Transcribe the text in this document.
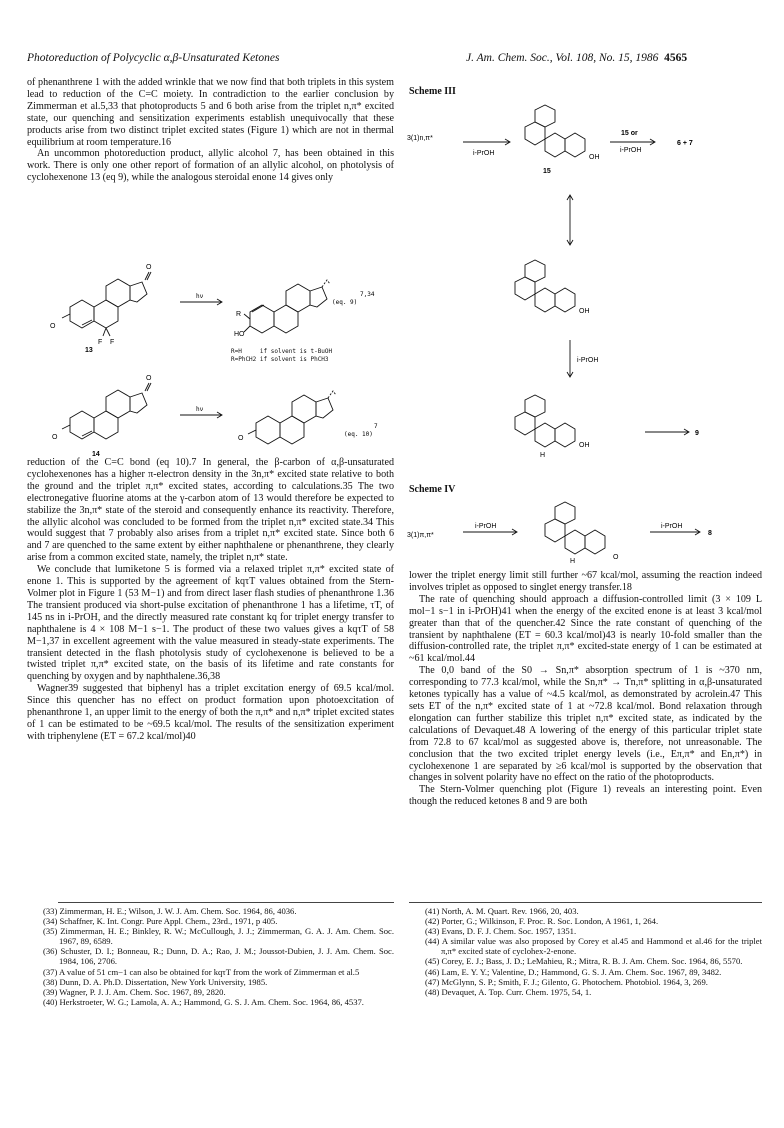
Photoreduction of Polycyclic α,β-Unsaturated Ketones	J. Am. Chem. Soc., Vol. 108, No. 15, 1986 4565

of phenanthrene 1 with the added wrinkle that we now find that both triplets in this system lead to reduction of the C=C moiety. In contradiction to the earlier conclusion by Zimmerman et al.5,33 that photoproducts 5 and 6 both arise from the triplet n,π* excited state, our quenching and sensitization experiments establish unequivocally that these products arise from two distinct triplet excited states (Figure 1) which are not in thermal equilibrium at room temperature.16

An uncommon photoreduction product, allylic alcohol 7, has been obtained in this work. There is only one other report of formation of an allylic alcohol, on photolysis of cyclohexenone 13 (eq 9), while the analogous steroidal enone 14 gives only

O
O
F F
13
hν
R
HO
(eq. 9)
7,34
R=H     if solvent is t-BuOH
R=PhCH2 if solvent is PhCH3
O
O
O
14
hν
(eq. 10)
7

reduction of the C=C bond (eq 10).7 In general, the β-carbon of α,β-unsaturated cyclohexenones has a higher π-electron density in the 3n,π* excited state relative to both the ground and the triplet π,π* excited states, according to calculations.35 The two electronegative fluorine atoms at the γ-carbon atom of 13 would therefore be expected to stabilize the 3n,π* state of the steroid and consequently enhance its reactivity. Therefore, the allylic alcohol was concluded to be formed from the triplet n,π* excited state.34 This would suggest that 7 probably also arises from a triplet n,π* excited state. Since both 6 and 7 are quenched to the same extent by either naphthalene or phenanthrene, they clearly arise from a common excited state, namely, the triplet n,π* state.

We conclude that lumiketone 5 is formed via a relaxed triplet π,π* excited state of enone 1. This is supported by the agreement of kqτT values obtained from the Stern-Volmer plot in Figure 1 (53 M−1) and from direct laser flash studies of phenanthrone 1.36 The transient produced via short-pulse excitation of phenanthrone 1 has a lifetime, τT, of 145 ns in i-PrOH, and the directly measured rate constant kq for triplet energy transfer to naphthalene is 4 × 108 M−1 s−1. The product of these two values gives a kqτT of 58 M−1,37 in excellent agreement with the value measured in steady-state experiments. The transient detected in the flash photolysis study of cyclohexenone is believed to be a twisted triplet π,π* excited state, on the basis of its lifetime and rate constants for quenching by oxygen and by naphthalene.36,38

Wagner39 suggested that biphenyl has a triplet excitation energy of 69.5 kcal/mol. Since this quencher has no effect on product formation upon photoexcitation of phenanthrone 1, an upper limit to the energy of both the π,π* and n,π* triplet excited states of 1 can be estimated to be ~69.5 kcal/mol. The results of the sensitization experiment with triphenylene (ET = 67.2 kcal/mol)40

Scheme III
3(1)n,π*
i-PrOH
15
OH
15 or
i-PrOH
6 + 7
OH
i-PrOH
OH
H
9
Scheme IV
3(1)π,π*
i-PrOH
O
H
i-PrOH
8

lower the triplet energy limit still further ~67 kcal/mol, assuming the reaction indeed involves triplet as opposed to singlet energy transfer.18

The rate of quenching should approach a diffusion-controlled limit (3 × 109 L mol−1 s−1 in i-PrOH)41 when the energy of the excited enone is at least 3 kcal/mol greater than that of the quencher.42 Since the rate constant of quenching of the transient by naphthalene (ET = 60.3 kcal/mol)43 is nearly 10-fold smaller than the diffusion-controlled rate, the triplet π,π* excited-state energy of 1 can be estimated at ~61 kcal/mol.44

The 0,0 band of the S0 → Sn,π* absorption spectrum of 1 is ~370 nm, corresponding to 77.3 kcal/mol, while the Sn,π* → Tn,π* splitting in α,β-unsaturated ketones typically has a value of ~4.5 kcal/mol, as demonstrated by acrolein.47 This sets ET of the n,π* excited state of 1 at ~72.8 kcal/mol. Bond relaxation through elongation can further stabilize this triplet n,π* excited state, as indicated by the calculations of Devaquet.48 A lowering of the energy of this particular triplet state from 72.8 to 67 kcal/mol as suggested above is, therefore, not unreasonable. The conclusion that the two excited triplet energy levels (i.e., Eπ,π* and En,π*) in cyclohexenone 1 are separated by ≥6 kcal/mol is supported by the observation that changes in solvent polarity have no effect on the ratio of the photoproducts.

The Stern-Volmer quenching plot (Figure 1) reveals an interesting point. Even though the reduced ketones 8 and 9 are both

(33) Zimmerman, H. E.; Wilson, J. W. J. Am. Chem. Soc. 1964, 86, 4036.
(34) Schaffner, K. Int. Congr. Pure Appl. Chem., 23rd., 1971, p 405.
(35) Zimmerman, H. E.; Binkley, R. W.; McCullough, J. J.; Zimmerman, G. A. J. Am. Chem. Soc. 1967, 89, 6589.
(36) Schuster, D. I.; Bonneau, R.; Dunn, D. A.; Rao, J. M.; Joussot-Dubien, J. J. Am. Chem. Soc. 1984, 106, 2706.
(37) A value of 51 cm−1 can also be obtained for kqτT from the work of Zimmerman et al.5
(38) Dunn, D. A. Ph.D. Dissertation, New York University, 1985.
(39) Wagner, P. J. J. Am. Chem. Soc. 1967, 89, 2820.
(40) Herkstroeter, W. G.; Lamola, A. A.; Hammond, G. S. J. Am. Chem. Soc. 1964, 86, 4537.
(41) North, A. M. Quart. Rev. 1966, 20, 403.
(42) Porter, G.; Wilkinson, F. Proc. R. Soc. London, A 1961, 1, 264.
(43) Evans, D. F. J. Chem. Soc. 1957, 1351.
(44) A similar value was also proposed by Corey et al.45 and Hammond et al.46 for the triplet π,π* excited state of cyclohex-2-enone.
(45) Corey, E. J.; Bass, J. D.; LeMahieu, R.; Mitra, R. B. J. Am. Chem. Soc. 1964, 86, 5570.
(46) Lam, E. Y. Y.; Valentine, D.; Hammond, G. S. J. Am. Chem. Soc. 1967, 89, 3482.
(47) McGlynn, S. P.; Smith, F. J.; Gilento, G. Photochem. Photobiol. 1964, 3, 269.
(48) Devaquet, A. Top. Curr. Chem. 1975, 54, 1.
